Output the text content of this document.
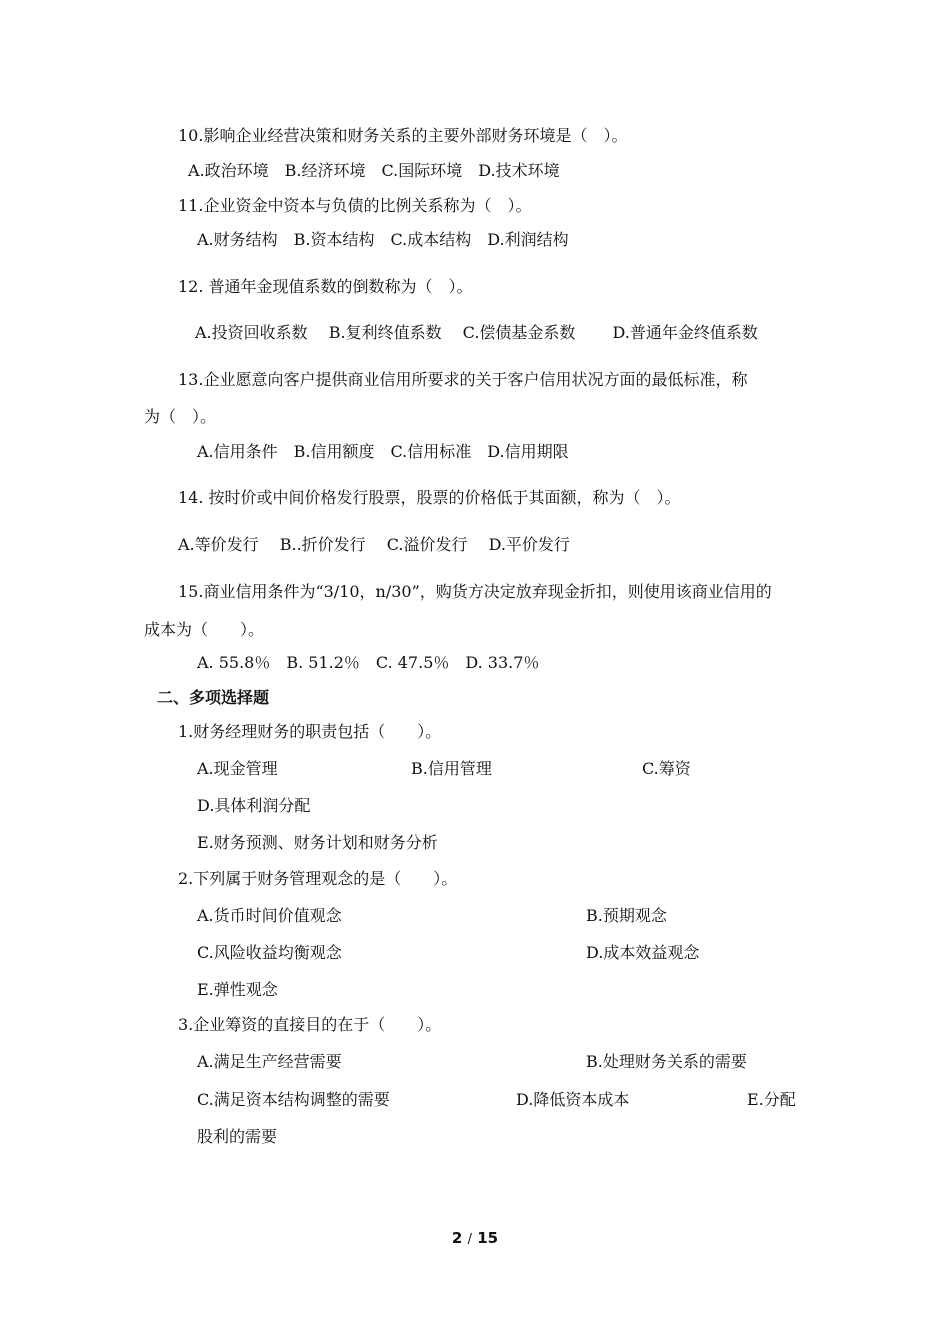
10.影响企业经营决策和财务关系的主要外部财务环境是（　）。
A.政治环境　B.经济环境　C.国际环境　D.技术环境
11.企业资金中资本与负债的比例关系称为（　）。
A.财务结构　B.资本结构　C.成本结构　D.利润结构
12. 普通年金现值系数的倒数称为（　）。
A.投资回收系数　 B.复利终值系数　 C.偿债基金系数　 　D.普通年金终值系数
13.企业愿意向客户提供商业信用所要求的关于客户信用状况方面的最低标准，称
为（　）。
A.信用条件　B.信用额度　C.信用标准　D.信用期限
14. 按时价或中间价格发行股票，股票的价格低于其面额，称为（　）。
A.等价发行　 B..折价发行　 C.溢价发行　 D.平价发行
15.商业信用条件为“3/10，n/30”，购货方决定放弃现金折扣，则使用该商业信用的
成本为（　　）。
A. 55.8％　B. 51.2％　C. 47.5％　D. 33.7％
二、多项选择题
1.财务经理财务的职责包括（　　）。
A.现金管理	B.信用管理	C.筹资
D.具体利润分配
E.财务预测、财务计划和财务分析
2.下列属于财务管理观念的是（　　）。
A.货币时间价值观念	B.预期观念
C.风险收益均衡观念	D.成本效益观念
E.弹性观念
3.企业筹资的直接目的在于（　　）。
A.满足生产经营需要	B.处理财务关系的需要
C.满足资本结构调整的需要	D.降低资本成本	E.分配
股利的需要
2 / 15
